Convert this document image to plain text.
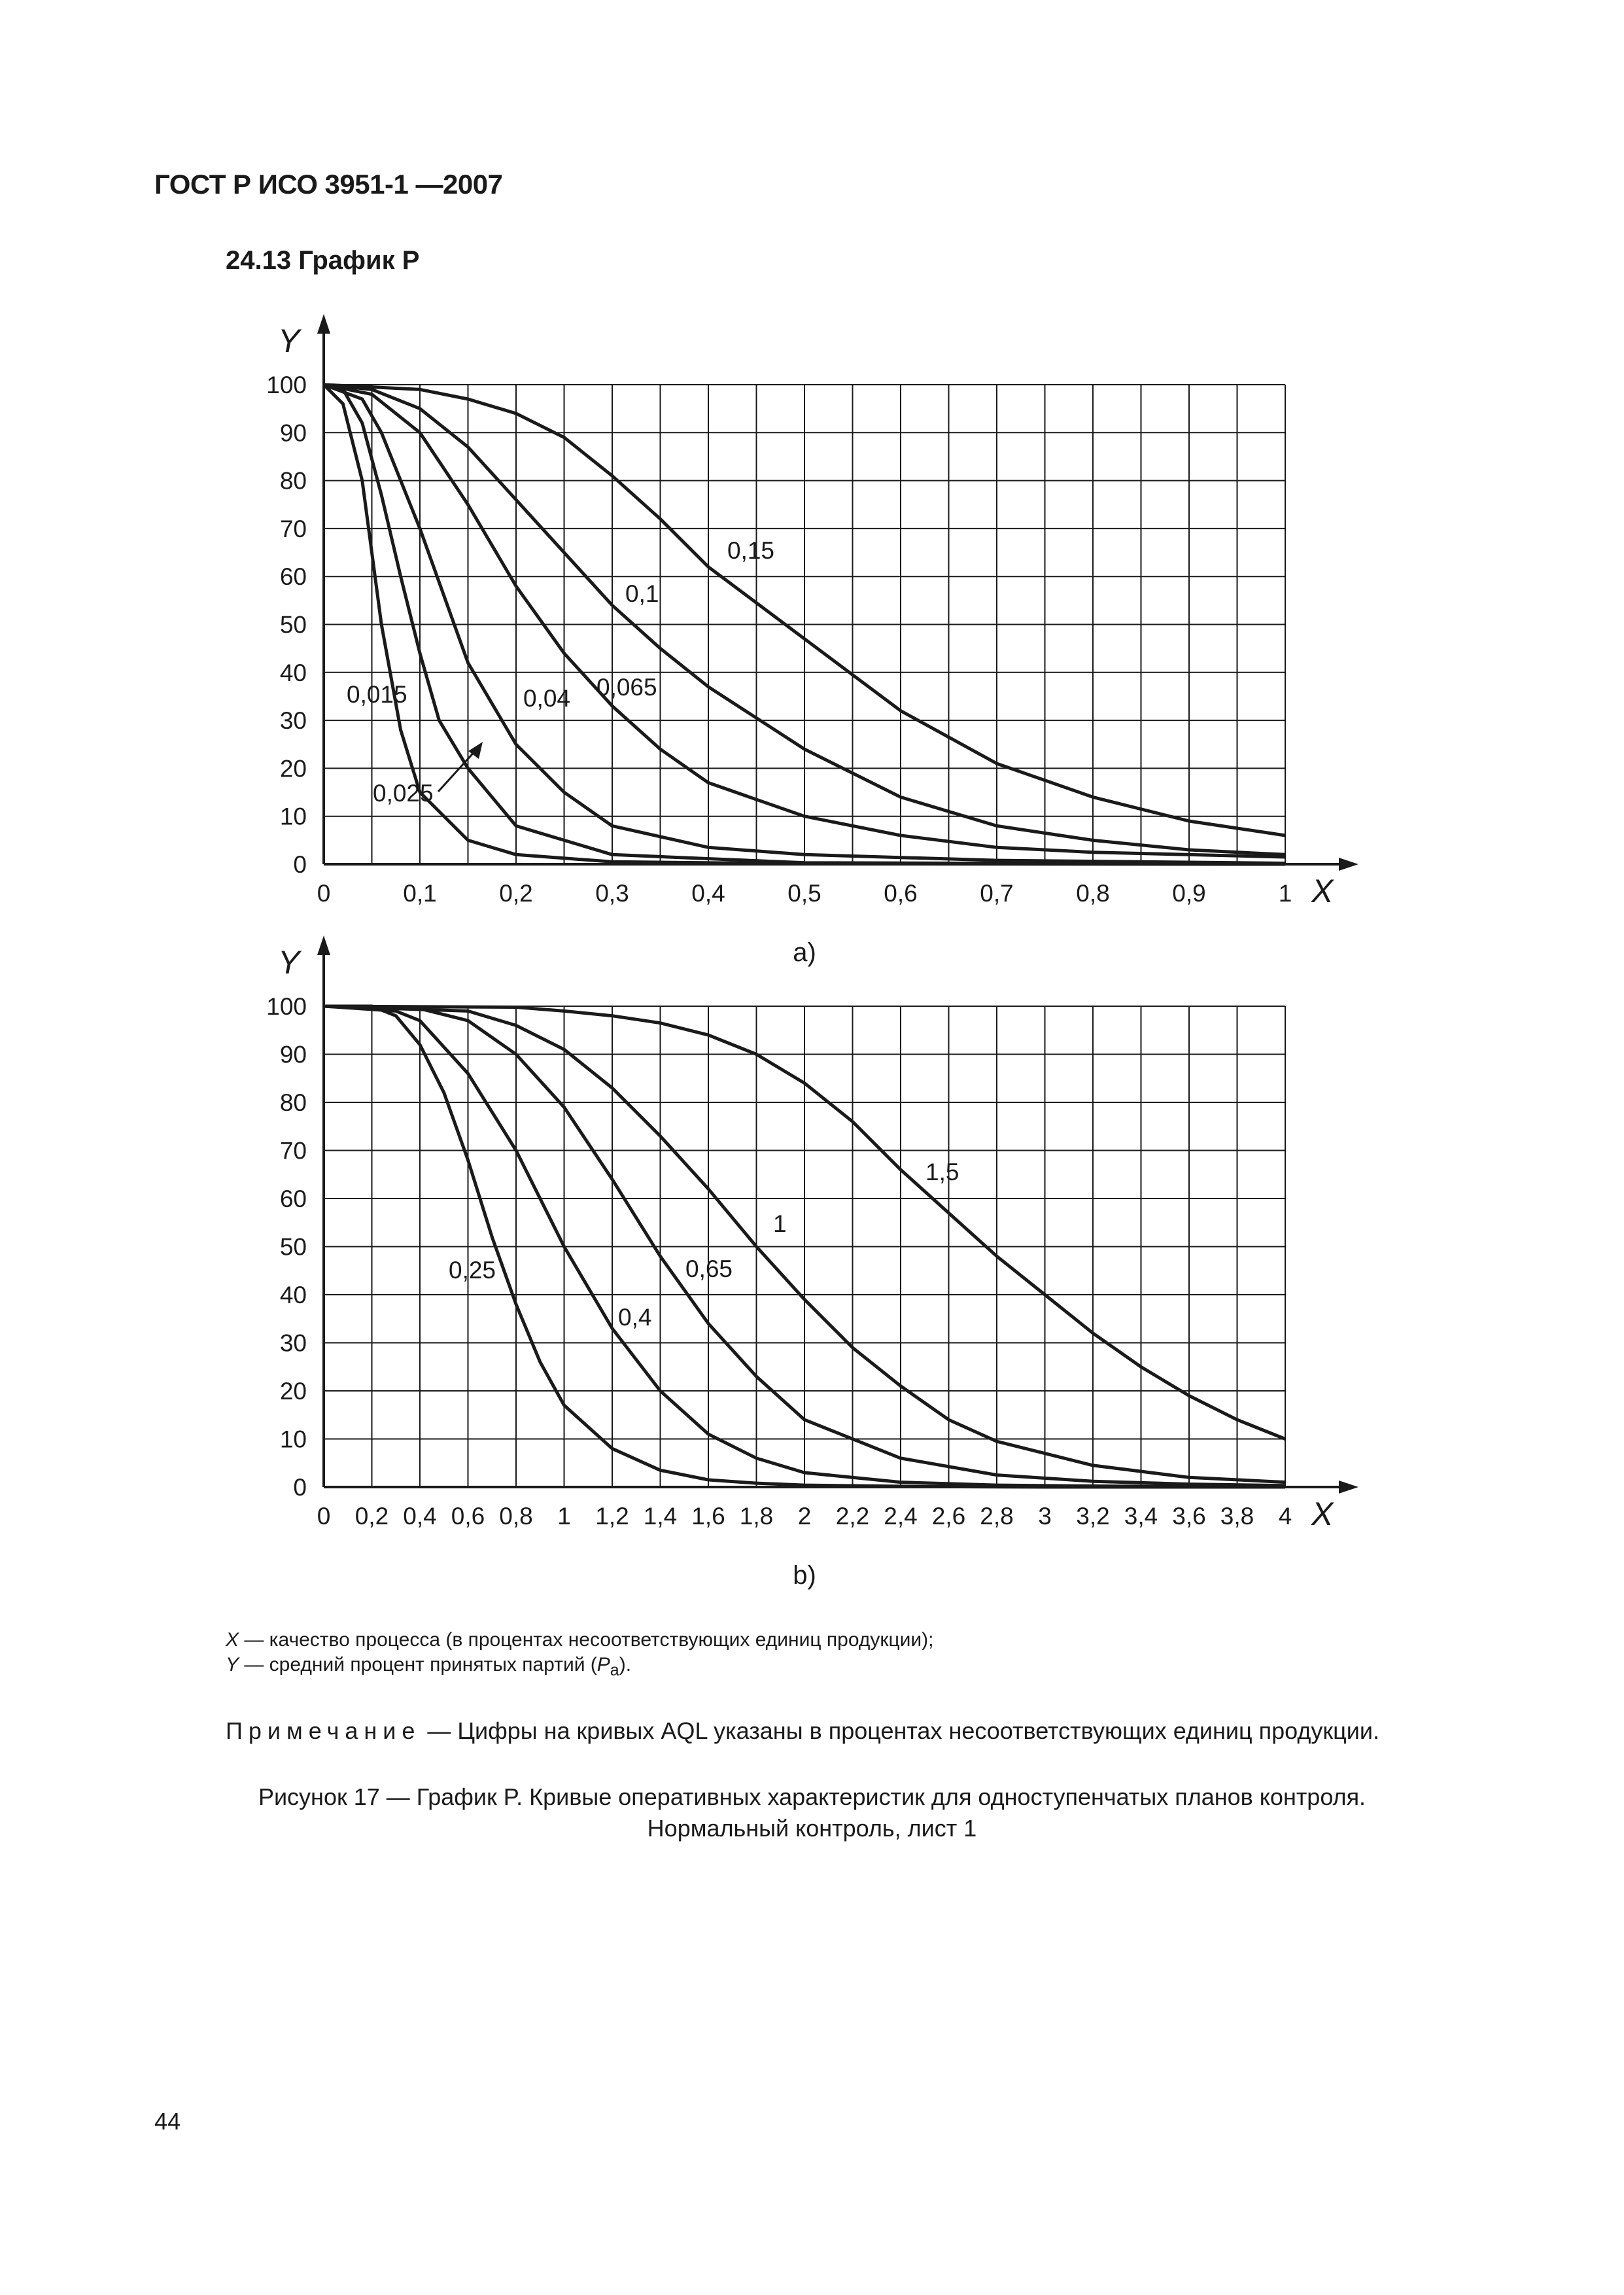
ГОСТ Р ИСО 3951-1 —2007
24.13 График P
X
Y
0
10
20
30
40
50
60
70
80
90
100
0	0,1	0,2	0,3	0,4	0,5	0,6	0,7	0,8	0,9	1
0,15
0,1
0,065
0,04
0,015
0,025
a)
X
Y
0
10
20
30
40
50
60
70
80
90
100
0 0,2 0,4 0,6 0,8 1 1,2 1,4 1,6 1,8 2 2,2 2,4 2,6 2,8 3 3,2 3,4 3,6 3,8 4
1,5
1
0,65
0,4
0,25
b)
X — качество процесса (в процентах несоответствующих единиц продукции);
Y — средний процент принятых партий $(P_a)$.
Примечание — Цифры на кривых AQL указаны в процентах несоответствующих единиц продукции.
Рисунок 17 — График P. Кривые оперативных характеристик для одноступенчатых планов контроля.
Нормальный контроль, лист 1
44
